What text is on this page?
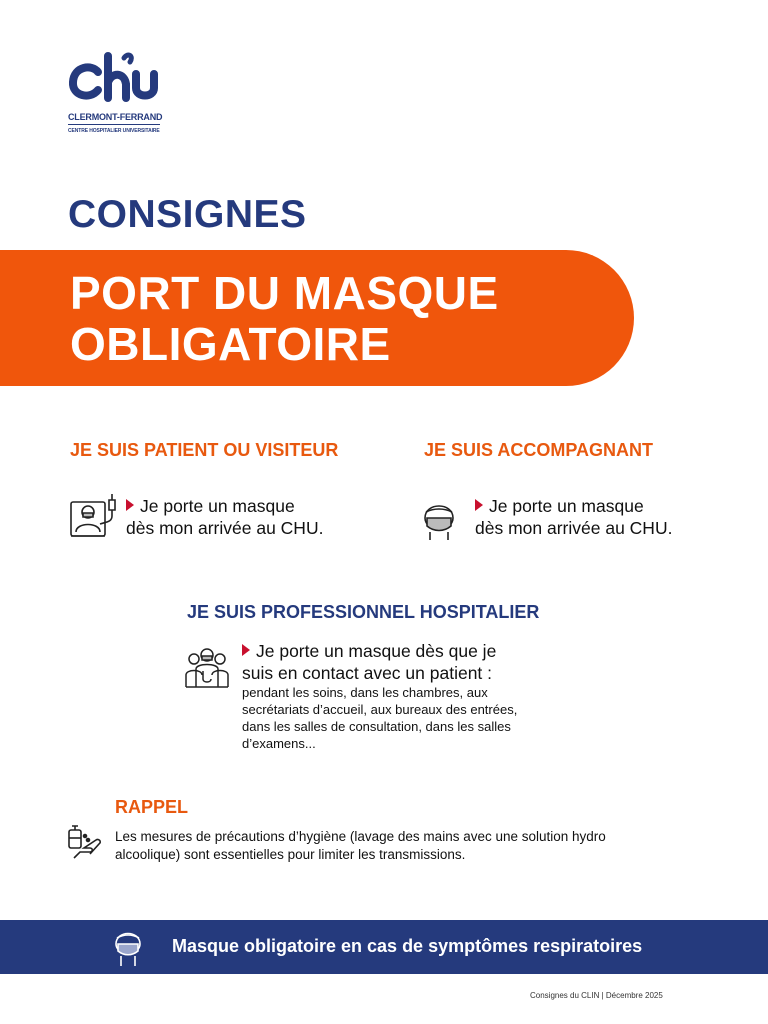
CLERMONT-FERRAND
CENTRE HOSPITALIER UNIVERSITAIRE
CONSIGNES
PORT DU MASQUE
OBLIGATOIRE
JE SUIS PATIENT OU VISITEUR
Je porte un masque
dès mon arrivée au CHU.
JE SUIS ACCOMPAGNANT
Je porte un masque
dès mon arrivée au CHU.
JE SUIS PROFESSIONNEL HOSPITALIER
Je porte un masque dès que je
suis en contact avec un patient :
pendant les soins, dans les chambres, aux
secrétariats d’accueil, aux bureaux des entrées,
dans les salles de consultation, dans les salles
d’examens...
RAPPEL
Les mesures de précautions d’hygiène (lavage des mains avec une solution hydro
alcoolique) sont essentielles pour limiter les transmissions.
Masque obligatoire en cas de symptômes respiratoires
Consignes du CLIN | Décembre 2025
